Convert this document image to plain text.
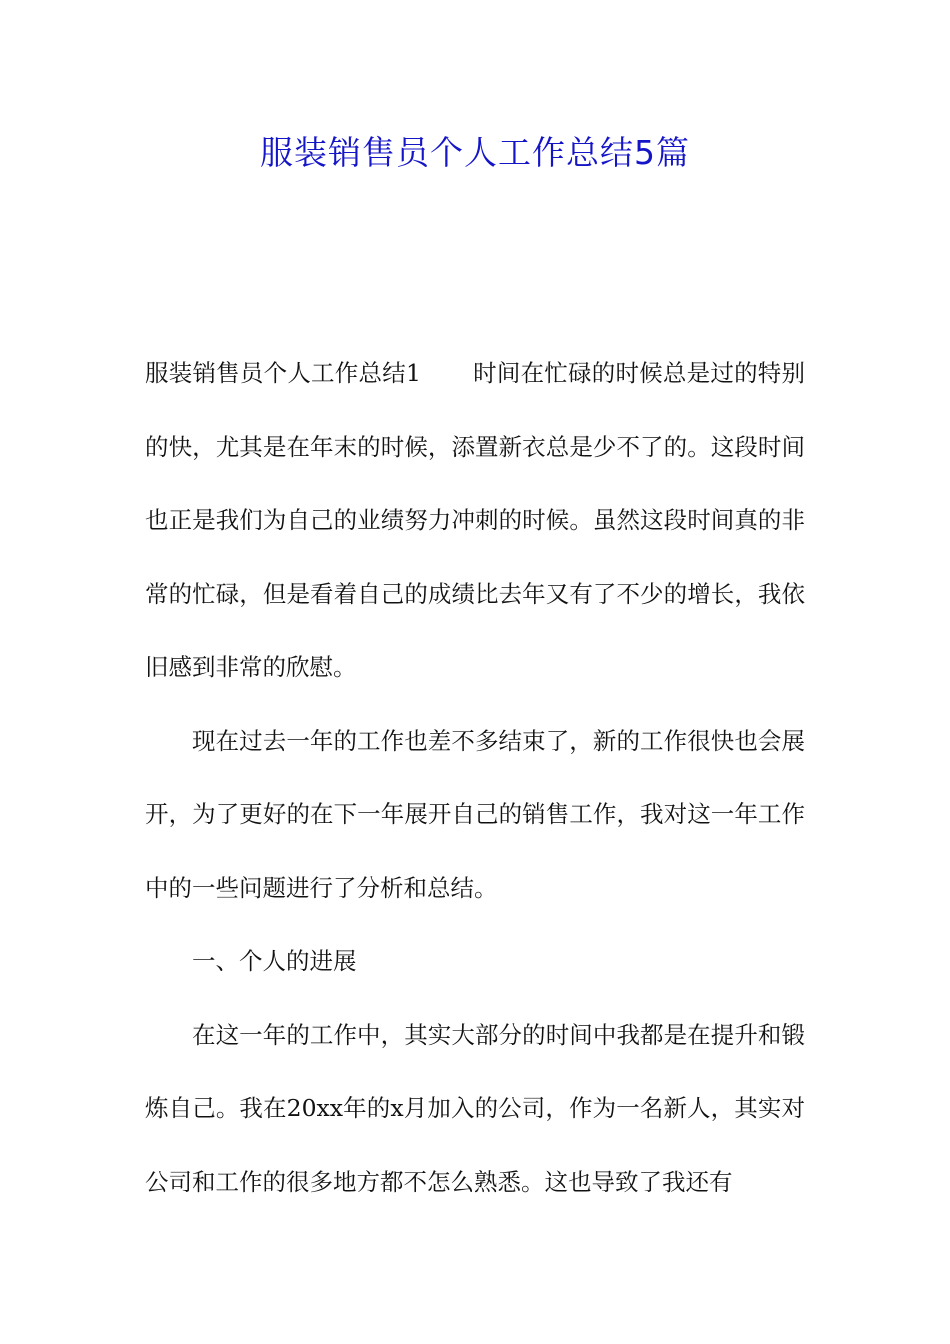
服装销售员个人工作总结5篇

服装销售员个人工作总结1 时间在忙碌的时候总是过的特别的快，尤其是在年末的时候，添置新衣总是少不了的。这段时间也正是我们为自己的业绩努力冲刺的时候。虽然这段时间真的非常的忙碌，但是看着自己的成绩比去年又有了不少的增长，我依旧感到非常的欣慰。

现在过去一年的工作也差不多结束了，新的工作很快也会展开，为了更好的在下一年展开自己的销售工作，我对这一年工作中的一些问题进行了分析和总结。

一、个人的进展

在这一年的工作中，其实大部分的时间中我都是在提升和锻炼自己。我在20xx年的x月加入的公司，作为一名新人，其实对公司和工作的很多地方都不怎么熟悉。这也导致了我还有
